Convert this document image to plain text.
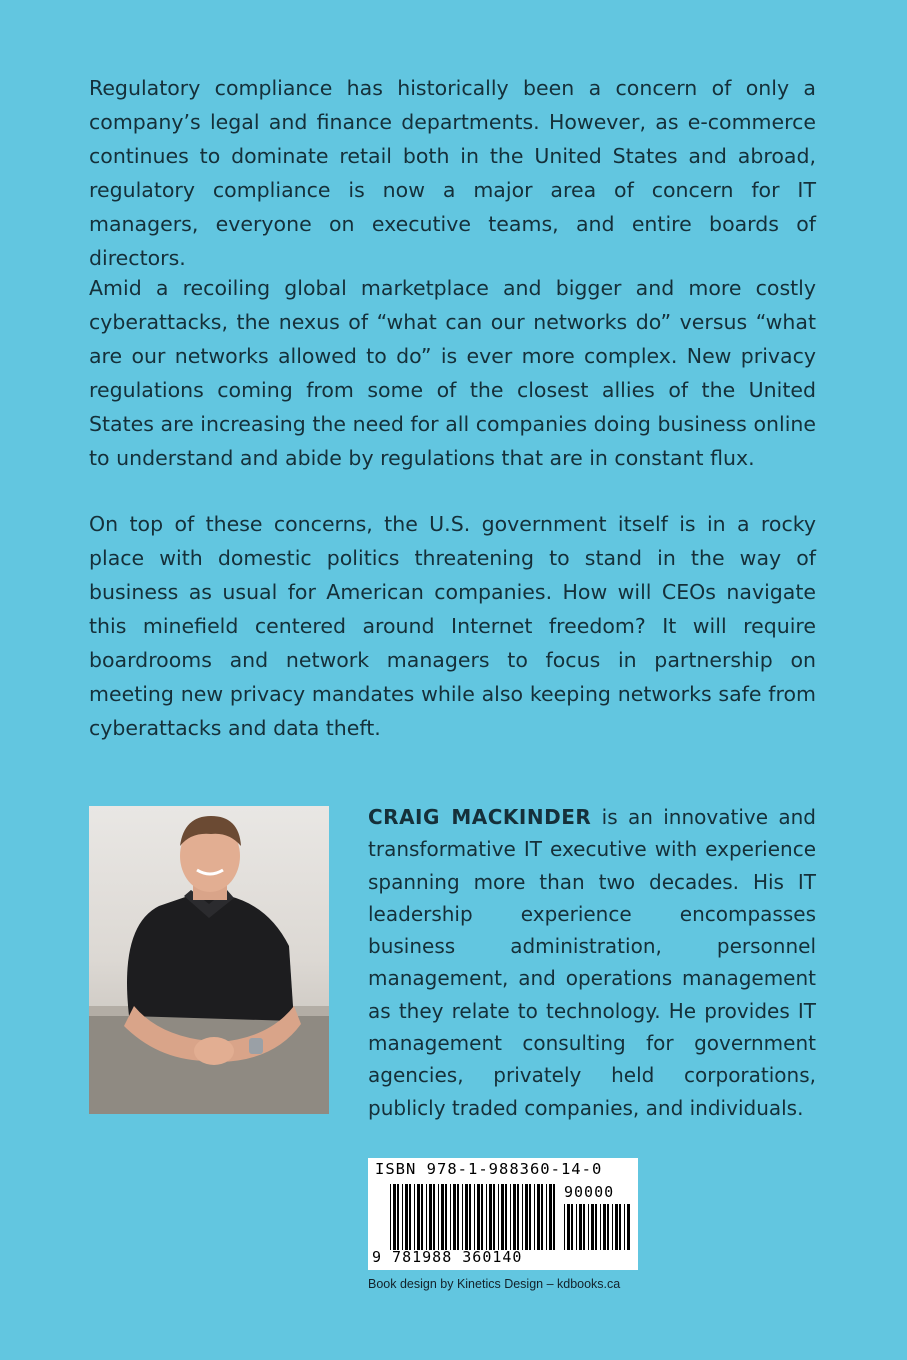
Regulatory compliance has historically been a concern of only a company’s legal and finance departments. However, as e-commerce continues to dominate retail both in the United States and abroad, regulatory compliance is now a major area of concern for IT managers, everyone on executive teams, and entire boards of directors.

Amid a recoiling global marketplace and bigger and more costly cyberattacks, the nexus of “what can our networks do” versus “what are our networks allowed to do” is ever more complex. New privacy regulations coming from some of the closest allies of the United States are increasing the need for all companies doing business online to understand and abide by regulations that are in constant flux.

On top of these concerns, the U.S. government itself is in a rocky place with domestic politics threatening to stand in the way of business as usual for American companies. How will CEOs navigate this minefield centered around Internet freedom? It will require boardrooms and network managers to focus in partnership on meeting new privacy mandates while also keeping networks safe from cyberattacks and data theft.

CRAIG MACKINDER is an innovative and transformative IT executive with experience spanning more than two decades. His IT leadership experience encompasses business administration, personnel management, and operations management as they relate to technology. He provides IT management consulting for government agencies, privately held corporations, publicly traded companies, and individuals.

ISBN 978-1-988360-14-0
90000
9 781988 360140
Book design by Kinetics Design – kdbooks.ca
